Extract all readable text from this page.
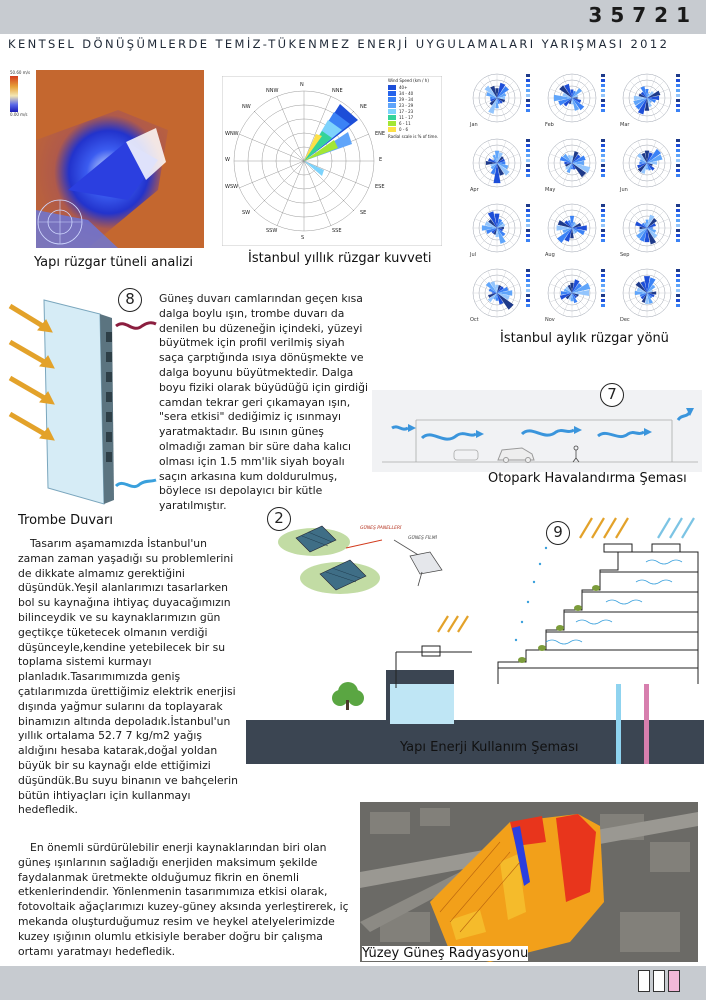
35721
KENTSEL DÖNÜŞÜMLERDE TEMİZ-TÜKENMEZ ENERJİ UYGULAMALARI YARIŞMASI 2012
50.60 m/s
0.00 m/s
Yapı rüzgar tüneli analizi
N
NNE
NE
ENE
E
ESE
SE
SSE
S
SSW
SW
WSW
W
WNW
NW
NNW
Wind Speed (km / h)
40+
34 - 40
29 - 34
23 - 29
17 - 23
11 - 17
6 - 11
0 - 6
Radial scale is % of time.
İstanbul yıllık rüzgar kuvveti
Jan	Feb	Mar
Apr	May	Jun
Jul	Aug	Sep
Oct	Nov	Dec
İstanbul aylık rüzgar yönü
8	Güneş duvarı camlarından geçen kısa dalga boylu ışın, trombe duvarı da denilen bu düzeneğin içindeki, yüzeyi büyütmek için profil verilmiş siyah saça çarptığında ısıya dönüşmekte ve dalga boyunu büyütmektedir. Dalga boyu fiziki olarak büyüdüğü için girdiği camdan tekrar geri çıkamayan ışın, "sera etkisi" dediğimiz iç ısınmayı yaratmaktadır. Bu ısının güneş olmadığı zaman bir süre daha kalıcı olması için 1.5 mm'lik siyah boyalı saçın arkasına kum doldurulmuş, böylece ısı depolayıcı bir kütle yaratılmıştır.
Trombe Duvarı
7
Otopark Havalandırma Şeması
Tasarım aşamamızda İstanbul'un zaman zaman yaşadığı su problemlerini de dikkate almamız gerektiğini düşündük.Yeşil alanlarımızı tasarlarken bol su kaynağına ihtiyaç duyacağımızın bilinceydik ve su kaynaklarımızın gün geçtikçe tüketecek olmanın verdiği düşünceyle,kendine yetebilecek bir su toplama sistemi kurmayı planladık.Tasarımımızda geniş çatılarımızda ürettiğimiz elektrik enerjisi dışında yağmur sularını da toplayarak binamızın altında depoladık.İstanbul'un yıllık ortalama 52.7 7 kg/m2 yağış aldığını hesaba katarak,doğal yoldan büyük bir su kaynağı elde ettiğimizi düşündük.Bu suyu binanın ve bahçelerin bütün ihtiyaçları için kullanmayı hedefledik.
GÜNEŞ PANELLERİ
GÜNEŞ FİLMİ
2
9
Yapı Enerji Kullanım Şeması
Yüzey Güneş Radyasyonu
En önemli sürdürülebilir enerji kaynaklarından biri olan güneş ışınlarının sağladığı enerjiden maksimum şekilde faydalanmak üretmekte olduğumuz fikrin en önemli etkenlerindendir. Yönlenmenin tasarımımıza etkisi olarak, fotovoltaik ağaçlarımızı kuzey-güney aksında yerleştirerek, iç mekanda oluşturduğumuz resim ve heykel atelyelerimizde kuzey ışığının olumlu etkisiyle beraber doğru bir çalışma ortamı yaratmayı hedefledik.
